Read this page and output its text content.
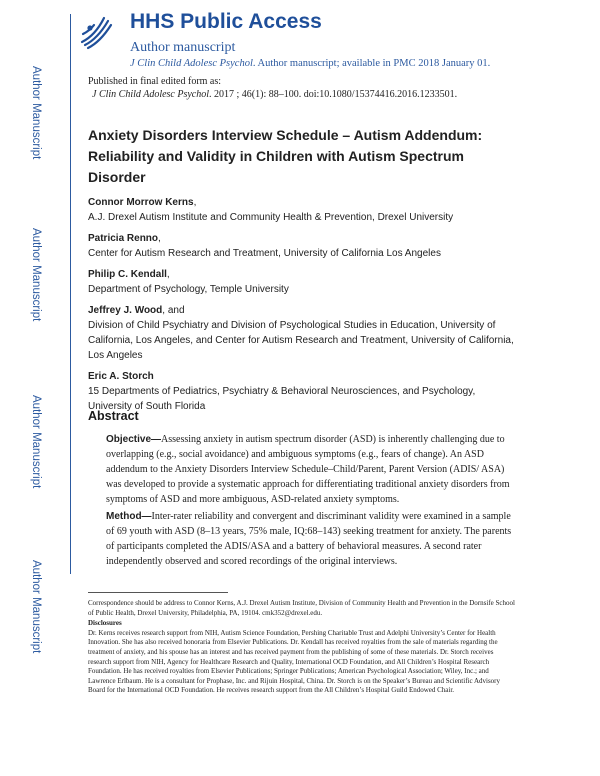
Author Manuscript
Author Manuscript
Author Manuscript
Author Manuscript
HHS Public Access
Author manuscript
J Clin Child Adolesc Psychol. Author manuscript; available in PMC 2018 January 01.
Published in final edited form as:
J Clin Child Adolesc Psychol. 2017 ; 46(1): 88–100. doi:10.1080/15374416.2016.1233501.
Anxiety Disorders Interview Schedule – Autism Addendum: Reliability and Validity in Children with Autism Spectrum Disorder
Connor Morrow Kerns,
A.J. Drexel Autism Institute and Community Health & Prevention, Drexel University
Patricia Renno,
Center for Autism Research and Treatment, University of California Los Angeles
Philip C. Kendall,
Department of Psychology, Temple University
Jeffrey J. Wood, and
Division of Child Psychiatry and Division of Psychological Studies in Education, University of California, Los Angeles, and Center for Autism Research and Treatment, University of California, Los Angeles
Eric A. Storch
15 Departments of Pediatrics, Psychiatry & Behavioral Neurosciences, and Psychology, University of South Florida
Abstract
Objective—Assessing anxiety in autism spectrum disorder (ASD) is inherently challenging due to overlapping (e.g., social avoidance) and ambiguous symptoms (e.g., fears of change). An ASD addendum to the Anxiety Disorders Interview Schedule–Child/Parent, Parent Version (ADIS/ ASA) was developed to provide a systematic approach for differentiating traditional anxiety disorders from symptoms of ASD and more ambiguous, ASD-related anxiety symptoms.
Method—Inter-rater reliability and convergent and discriminant validity were examined in a sample of 69 youth with ASD (8–13 years, 75% male, IQ:68–143) seeking treatment for anxiety. The parents of participants completed the ADIS/ASA and a battery of behavioral measures. A second rater independently observed and scored recordings of the original interviews.
Correspondence should be address to Connor Kerns, A.J. Drexel Autism Institute, Division of Community Health and Prevention in the Dornsife School of Public Health, Drexel University, Philadelphia, PA, 19104. cmk352@drexel.edu.
Disclosures
Dr. Kerns receives research support from NIH, Autism Science Foundation, Pershing Charitable Trust and Adelphi University’s Center for Health Innovation. She has also received honoraria from Elsevier Publications. Dr. Kendall has received royalties from the sale of materials regarding the treatment of anxiety, and his spouse has an interest and has received payment from the publishing of some of these materials. Dr. Storch receives research support from NIH, Agency for Healthcare Research and Quality, International OCD Foundation, and All Children’s Hospital Research Foundation. He has received royalties from Elsevier Publications; Springer Publications; American Psychological Association; Wiley, Inc.; and Lawrence Erlbaum. He is a consultant for Prophase, Inc. and Rijuin Hospital, China. Dr. Storch is on the Speaker’s Bureau and Scientific Advisory Board for the International OCD Foundation. He receives research support from the All Children’s Hospital Guild Endowed Chair.
